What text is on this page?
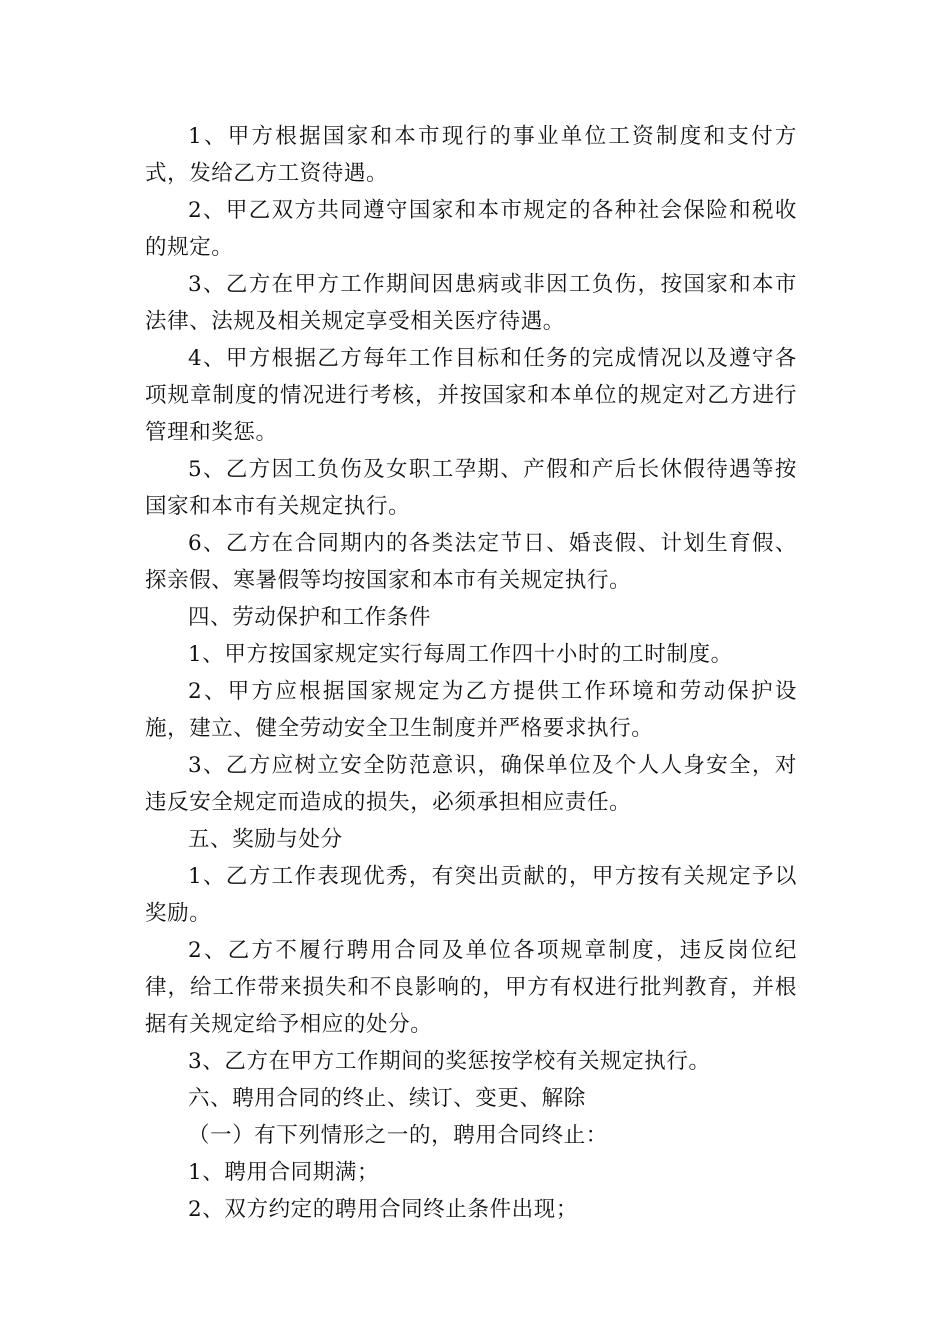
1、甲方根据国家和本市现行的事业单位工资制度和支付方式，发给乙方工资待遇。

2、甲乙双方共同遵守国家和本市规定的各种社会保险和税收的规定。

3、乙方在甲方工作期间因患病或非因工负伤，按国家和本市法律、法规及相关规定享受相关医疗待遇。

4、甲方根据乙方每年工作目标和任务的完成情况以及遵守各项规章制度的情况进行考核，并按国家和本单位的规定对乙方进行管理和奖惩。

5、乙方因工负伤及女职工孕期、产假和产后长休假待遇等按国家和本市有关规定执行。

6、乙方在合同期内的各类法定节日、婚丧假、计划生育假、探亲假、寒暑假等均按国家和本市有关规定执行。

四、劳动保护和工作条件

1、甲方按国家规定实行每周工作四十小时的工时制度。

2、甲方应根据国家规定为乙方提供工作环境和劳动保护设施，建立、健全劳动安全卫生制度并严格要求执行。

3、乙方应树立安全防范意识，确保单位及个人人身安全，对违反安全规定而造成的损失，必须承担相应责任。

五、奖励与处分

1、乙方工作表现优秀，有突出贡献的，甲方按有关规定予以奖励。

2、乙方不履行聘用合同及单位各项规章制度，违反岗位纪律，给工作带来损失和不良影响的，甲方有权进行批判教育，并根据有关规定给予相应的处分。

3、乙方在甲方工作期间的奖惩按学校有关规定执行。

六、聘用合同的终止、续订、变更、解除

（一）有下列情形之一的，聘用合同终止：

1、聘用合同期满；

2、双方约定的聘用合同终止条件出现；
